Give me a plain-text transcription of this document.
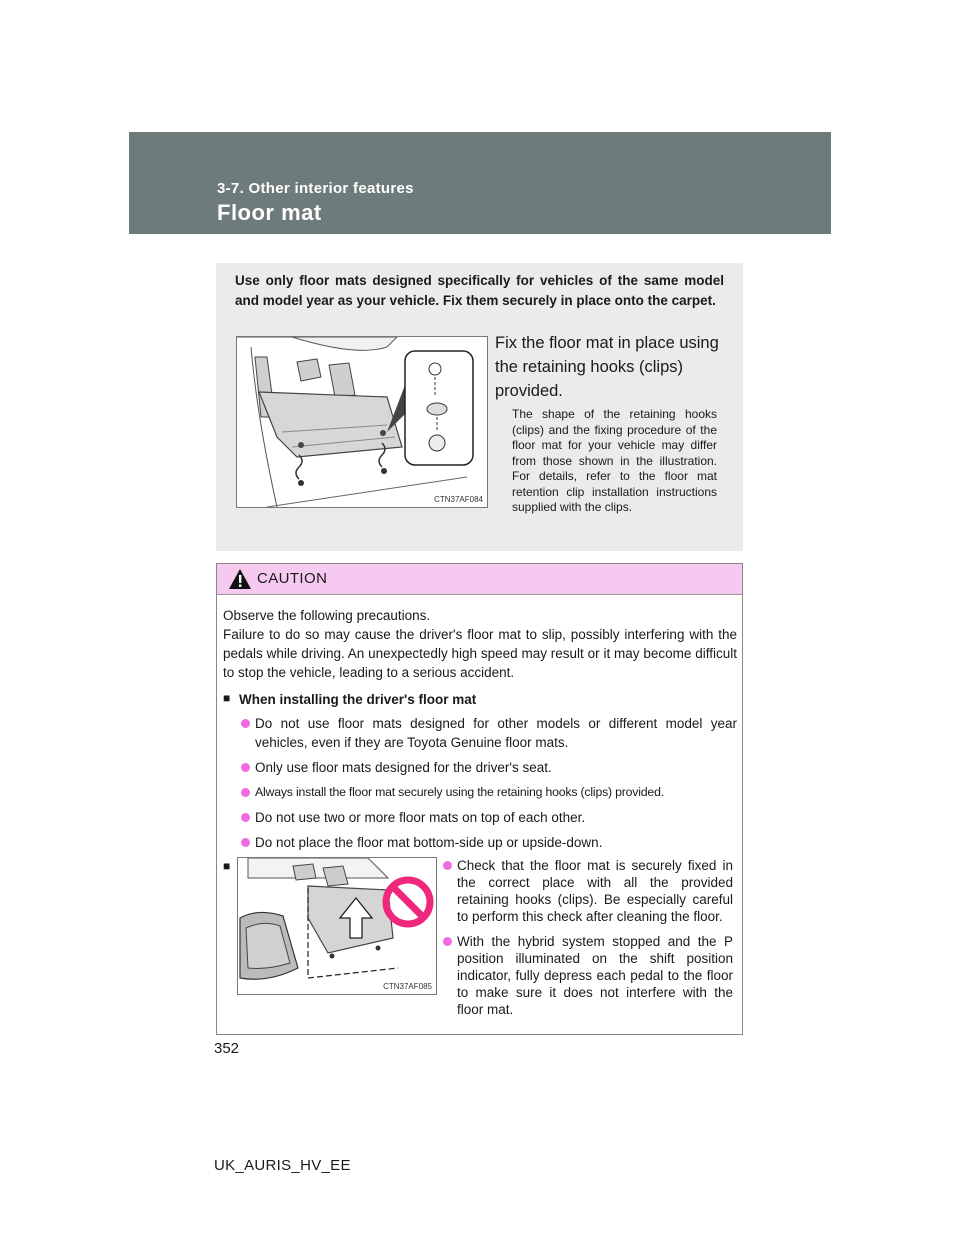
3-7. Other interior features
Floor mat
Use only floor mats designed specifically for vehicles of the same model and model year as your vehicle. Fix them securely in place onto the carpet.
CTN37AF084
Fix the floor mat in place using the retaining hooks (clips) provided.
The shape of the retaining hooks (clips) and the fixing procedure of the floor mat for your vehicle may differ from those shown in the illustration. For details, refer to the floor mat retention clip installation instructions supplied with the clips.
CAUTION
Observe the following precautions.
Failure to do so may cause the driver's floor mat to slip, possibly interfering with the pedals while driving. An unexpectedly high speed may result or it may become difficult to stop the vehicle, leading to a serious accident.
■ When installing the driver's floor mat
Do not use floor mats designed for other models or different model year vehicles, even if they are Toyota Genuine floor mats.
Only use floor mats designed for the driver's seat.
Always install the floor mat securely using the retaining hooks (clips) provided.
Do not use two or more floor mats on top of each other.
Do not place the floor mat bottom-side up or upside-down.
■
CTN37AF085
Check that the floor mat is securely fixed in the correct place with all the provided retaining hooks (clips). Be especially careful to perform this check after cleaning the floor.
With the hybrid system stopped and the P position illuminated on the shift position indicator, fully depress each pedal to the floor to make sure it does not interfere with the floor mat.
352
UK_AURIS_HV_EE
